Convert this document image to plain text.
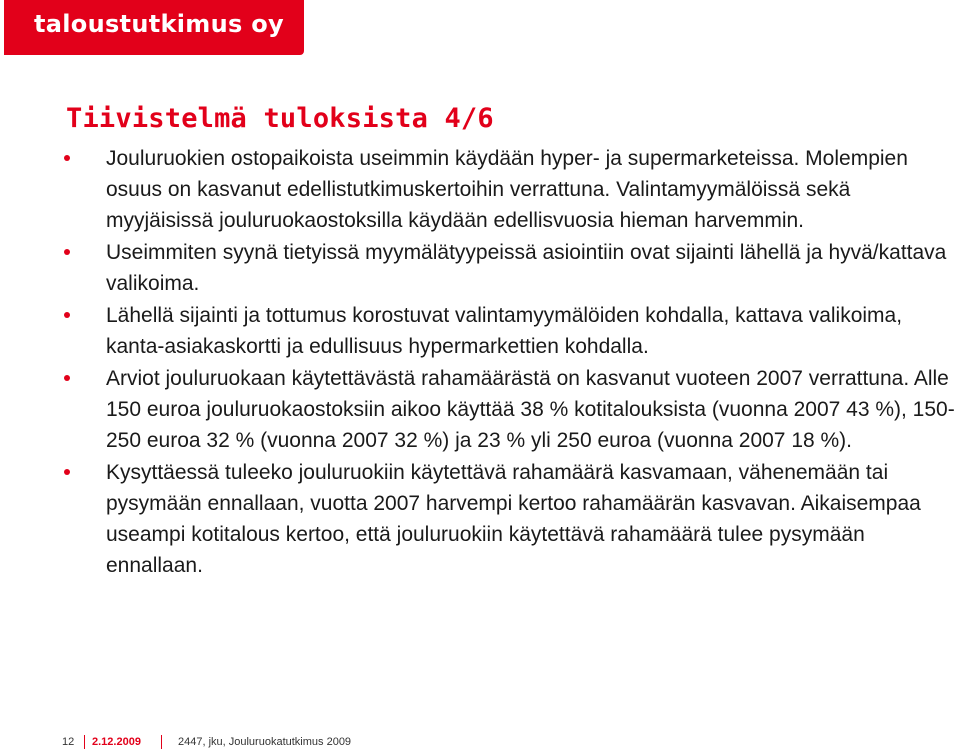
taloustutkimus oy
Tiivistelmä tuloksista 4/6
Jouluruokien ostopaikoista useimmin käydään hyper- ja supermarketeissa. Molempien osuus on kasvanut edellistutkimuskertoihin verrattuna. Valintamyymälöissä sekä myyjäisissä jouluruokaostoksilla käydään edellisvuosia hieman harvemmin.
Useimmiten syynä tietyissä myymälätyypeissä asiointiin ovat sijainti lähellä ja hyvä/kattava valikoima.
Lähellä sijainti ja tottumus korostuvat valintamyymälöiden kohdalla, kattava valikoima, kanta-asiakaskortti ja edullisuus hypermarkettien kohdalla.
Arviot jouluruokaan käytettävästä rahamäärästä on kasvanut vuoteen 2007 verrattuna. Alle 150 euroa jouluruokaostoksiin aikoo käyttää 38 % kotitalouksista (vuonna 2007 43 %), 150-250 euroa 32 % (vuonna 2007 32 %) ja 23 % yli 250 euroa (vuonna 2007 18 %).
Kysyttäessä tuleeko jouluruokiin käytettävä rahamäärä kasvamaan, vähenemään tai pysymään ennallaan, vuotta 2007 harvempi kertoo rahamäärän kasvavan. Aikaisempaa useampi kotitalous kertoo, että jouluruokiin käytettävä rahamäärä tulee pysymään ennallaan.
12 2.12.2009	2447, jku, Jouluruokatutkimus 2009
